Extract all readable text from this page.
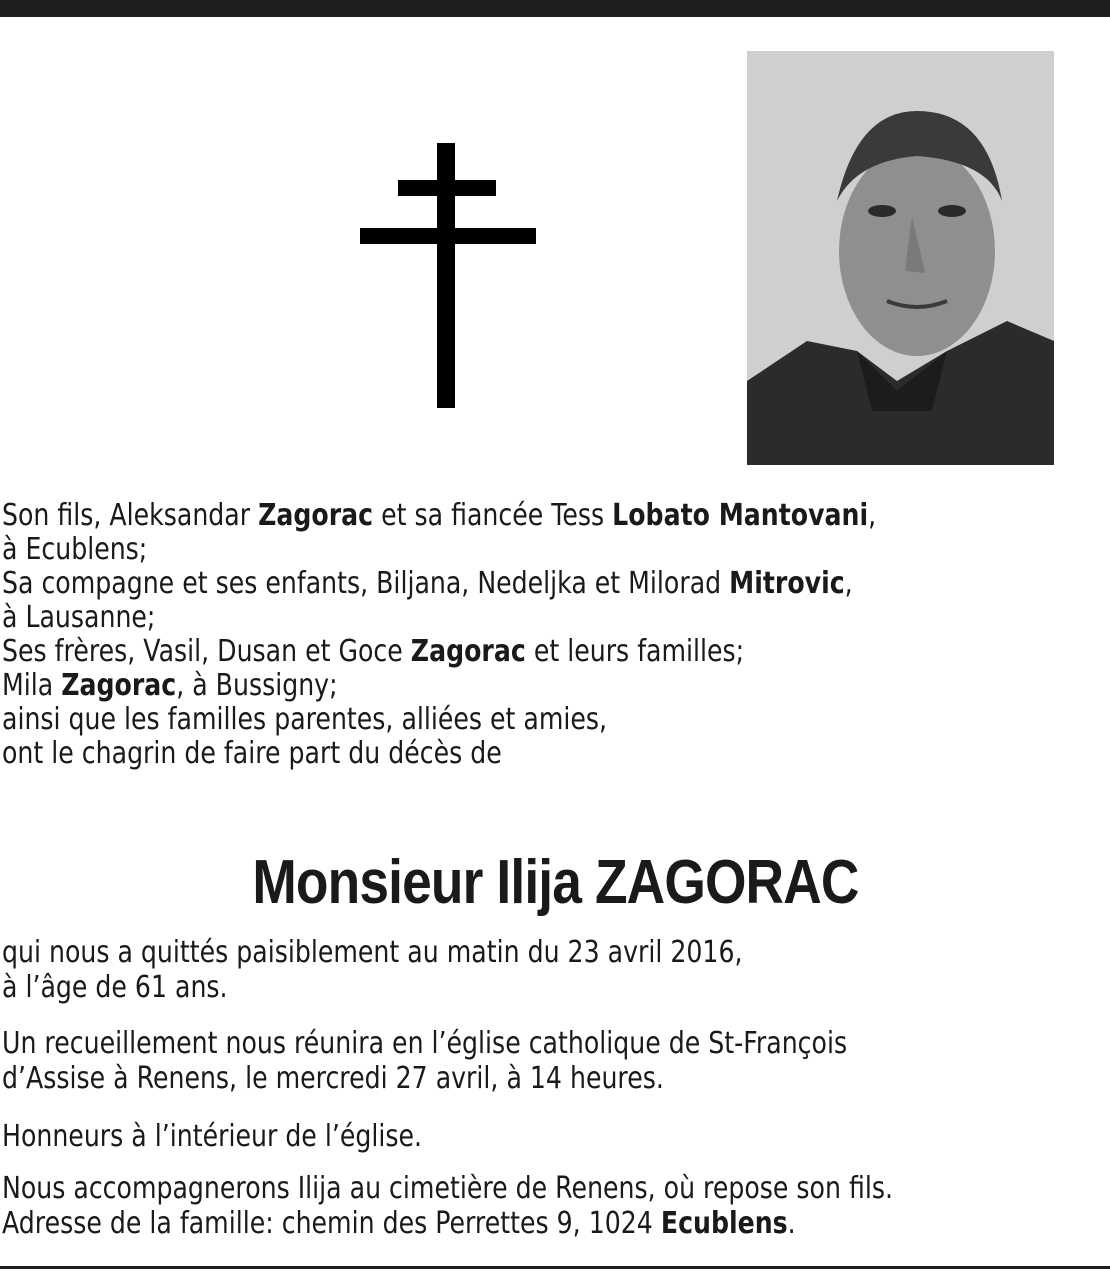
Son fils, Aleksandar Zagorac et sa fiancée Tess Lobato Mantovani,
à Ecublens;
Sa compagne et ses enfants, Biljana, Nedeljka et Milorad Mitrovic,
à Lausanne;
Ses frères, Vasil, Dusan et Goce Zagorac et leurs familles;
Mila Zagorac, à Bussigny;
ainsi que les familles parentes, alliées et amies,
ont le chagrin de faire part du décès de
Monsieur Ilija ZAGORAC
qui nous a quittés paisiblement au matin du 23 avril 2016,
à l’âge de 61 ans.
Un recueillement nous réunira en l’église catholique de St-François
d’Assise à Renens, le mercredi 27 avril, à 14 heures.
Honneurs à l’intérieur de l’église.
Nous accompagnerons Ilija au cimetière de Renens, où repose son fils.
Adresse de la famille: chemin des Perrettes 9, 1024 Ecublens.
